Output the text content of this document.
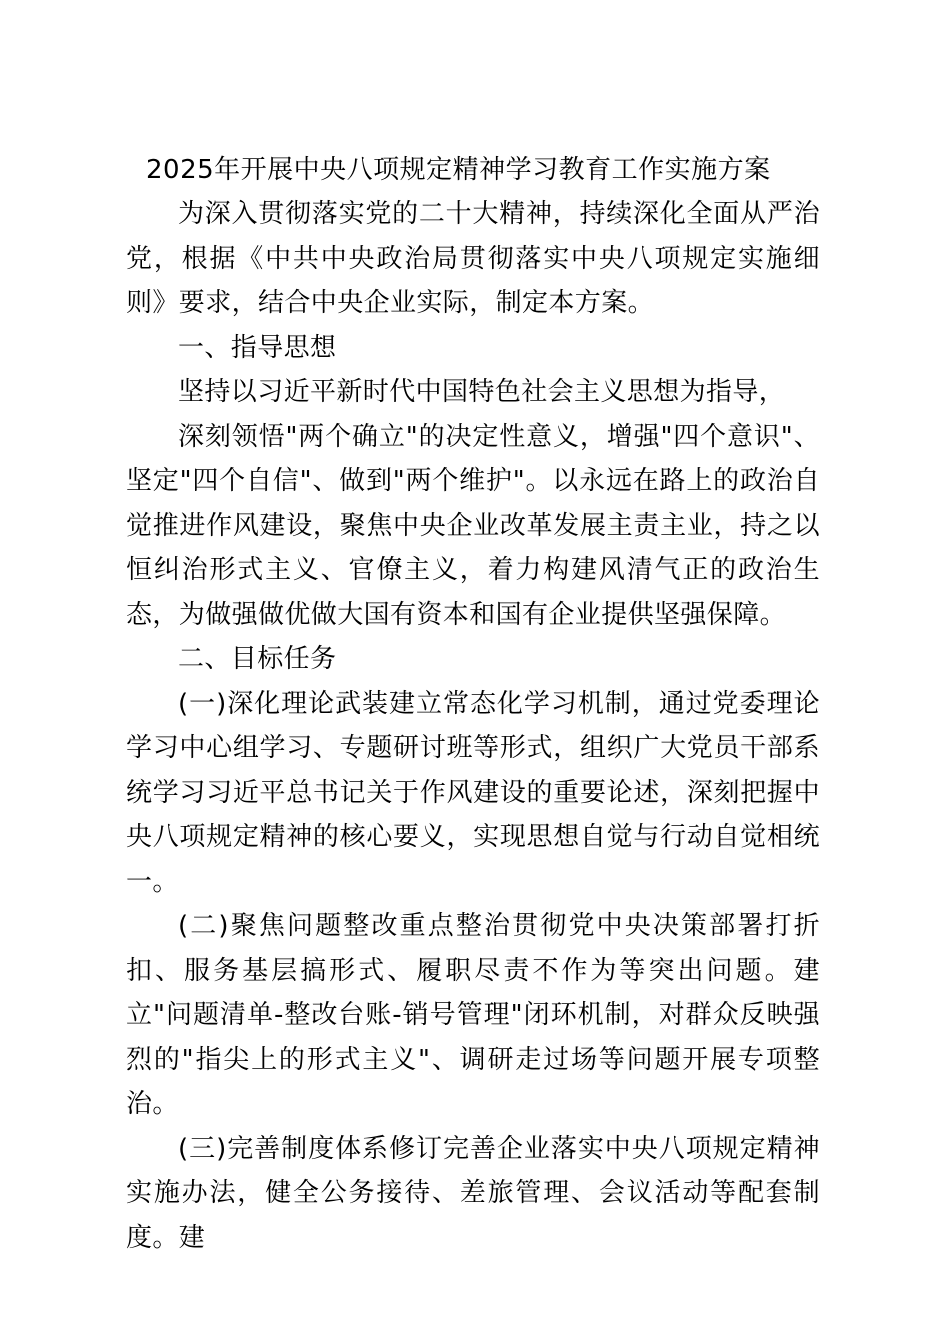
2025年开展中央八项规定精神学习教育工作实施方案

为深入贯彻落实党的二十大精神，持续深化全面从严治党，根据《中共中央政治局贯彻落实中央八项规定实施细则》要求，结合中央企业实际，制定本方案。

一、指导思想

坚持以习近平新时代中国特色社会主义思想为指导，

深刻领悟"两个确立"的决定性意义，增强"四个意识"、坚定"四个自信"、做到"两个维护"。以永远在路上的政治自觉推进作风建设，聚焦中央企业改革发展主责主业，持之以恒纠治形式主义、官僚主义，着力构建风清气正的政治生态，为做强做优做大国有资本和国有企业提供坚强保障。

二、目标任务

(一)深化理论武装建立常态化学习机制，通过党委理论学习中心组学习、专题研讨班等形式，组织广大党员干部系统学习习近平总书记关于作风建设的重要论述，深刻把握中央八项规定精神的核心要义，实现思想自觉与行动自觉相统一。

(二)聚焦问题整改重点整治贯彻党中央决策部署打折扣、服务基层搞形式、履职尽责不作为等突出问题。建立"问题清单-整改台账-销号管理"闭环机制，对群众反映强烈的"指尖上的形式主义"、调研走过场等问题开展专项整治。

(三)完善制度体系修订完善企业落实中央八项规定精神实施办法，健全公务接待、差旅管理、会议活动等配套制度。建
